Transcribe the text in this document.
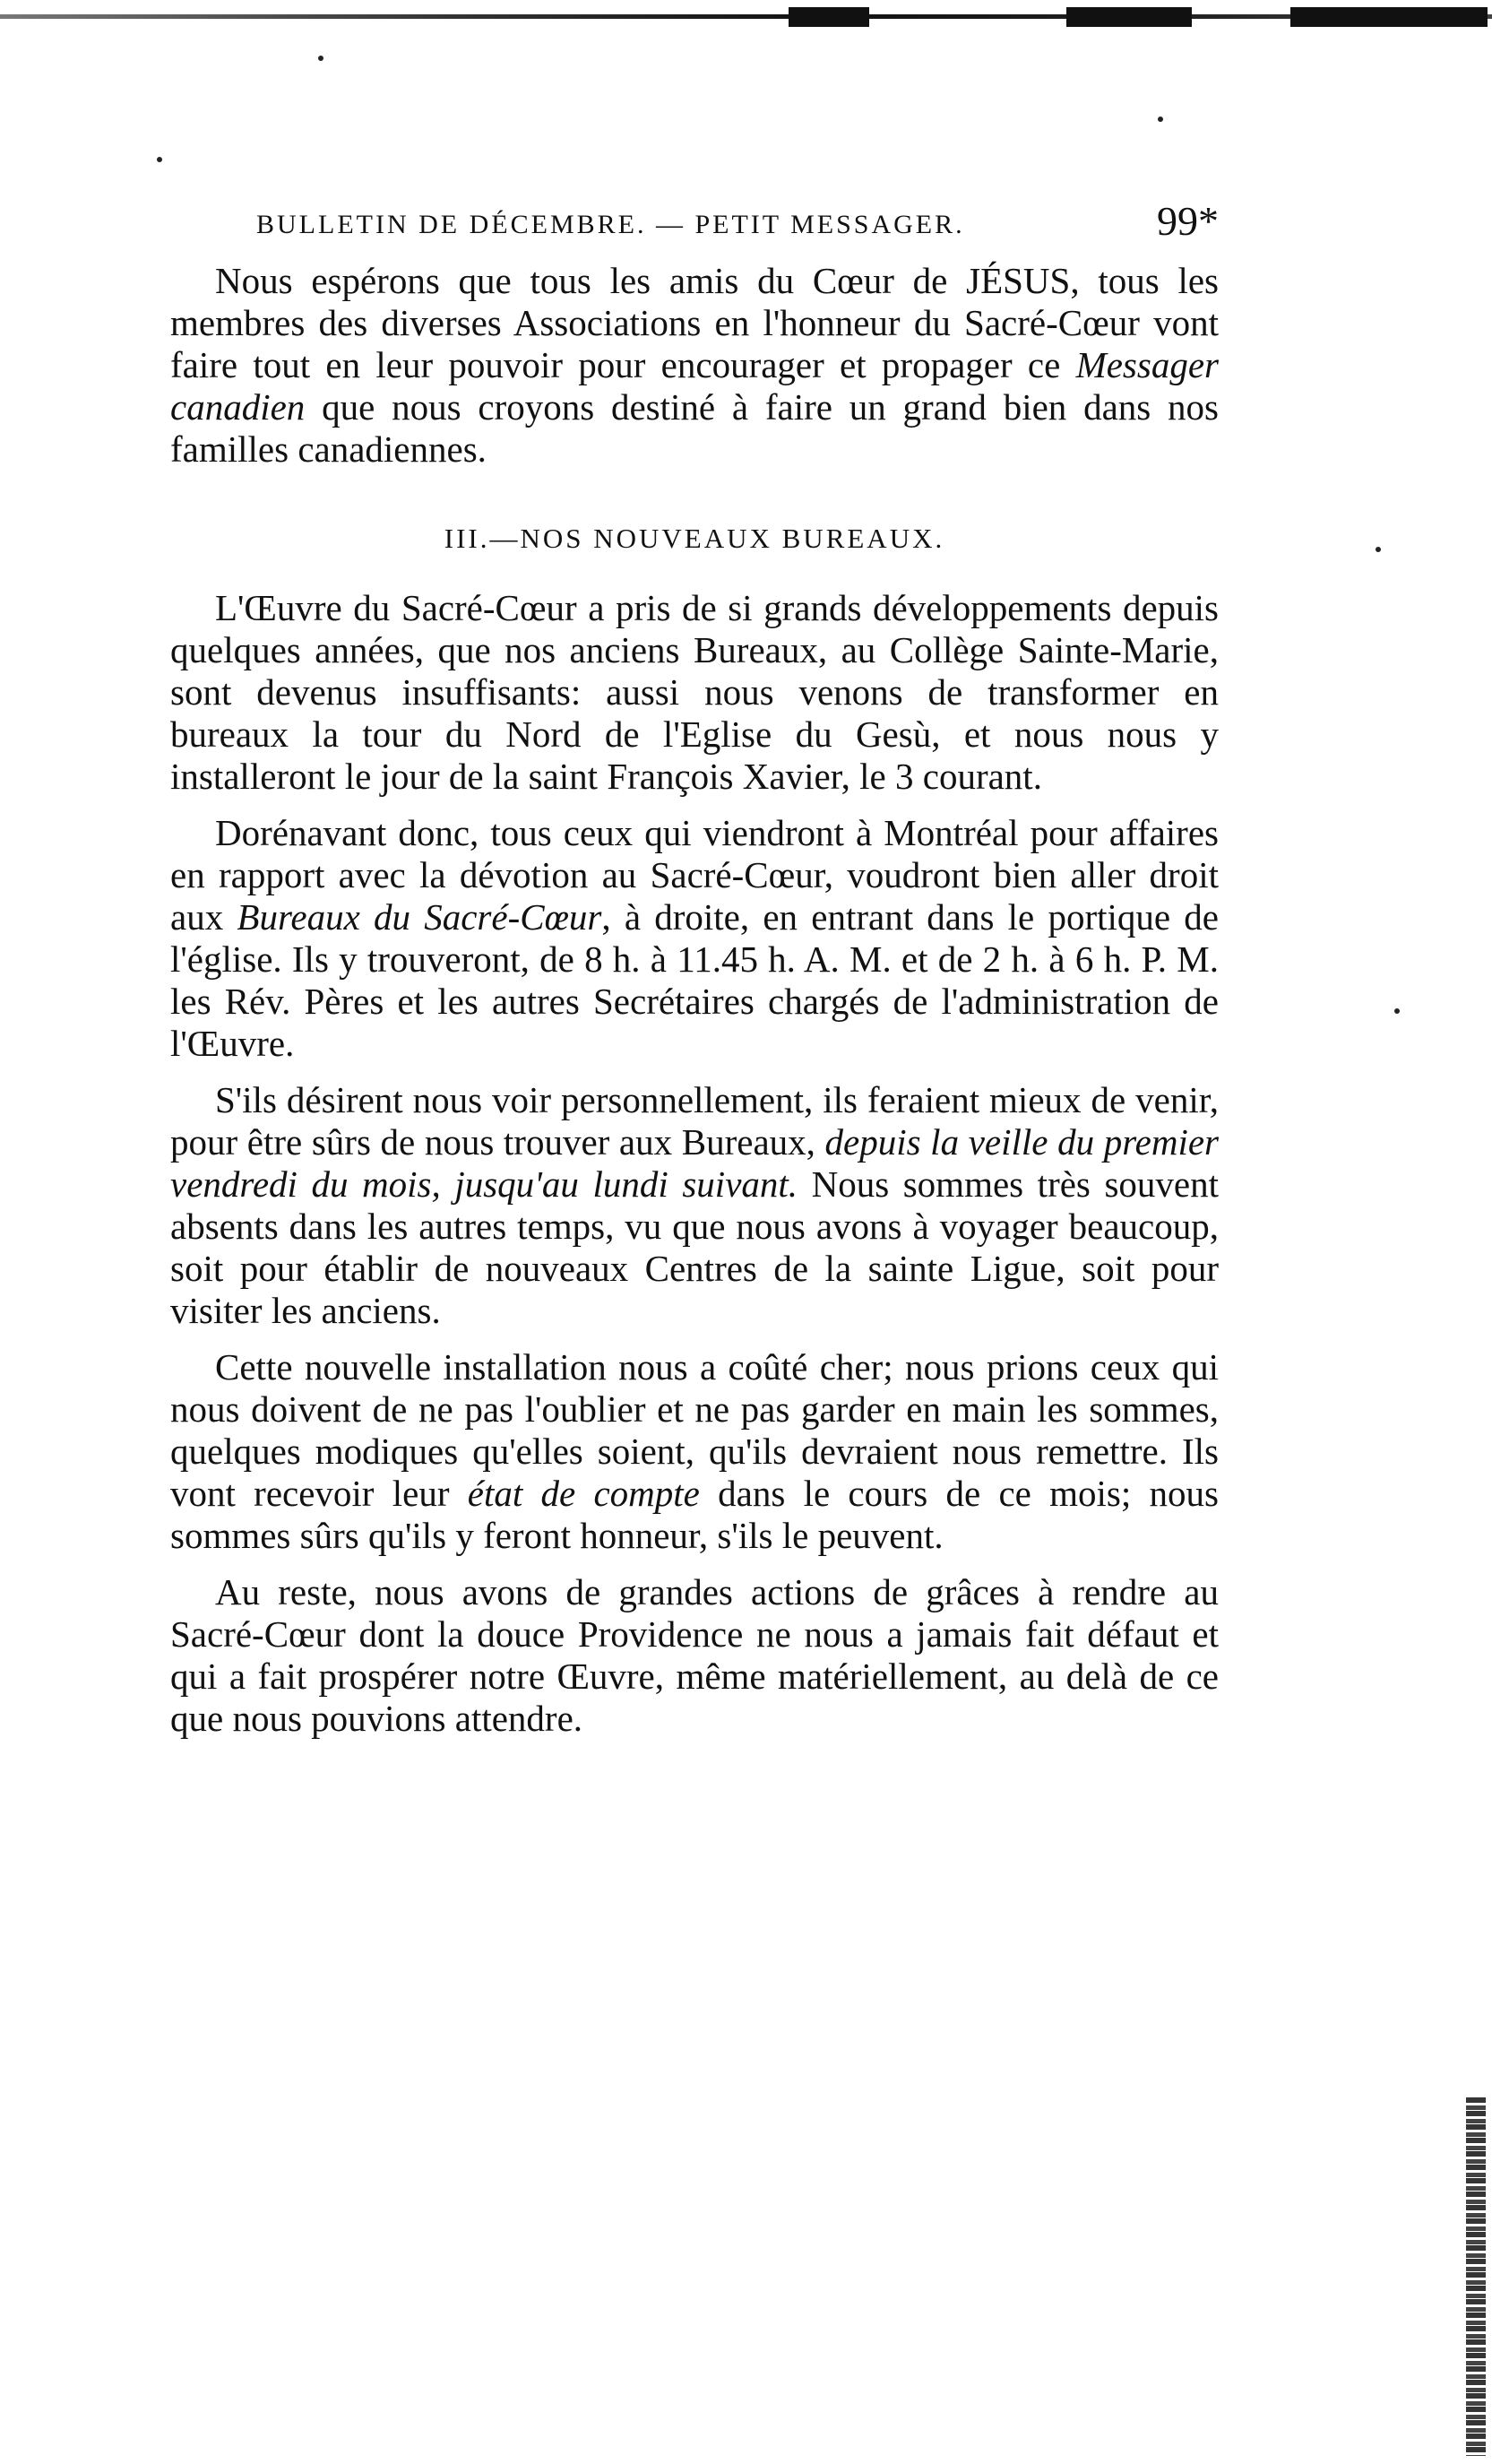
BULLETIN DE DÉCEMBRE. — PETIT MESSAGER.	99*

Nous espérons que tous les amis du Cœur de JÉSUS, tous les membres des diverses Associations en l'honneur du Sacré-Cœur vont faire tout en leur pouvoir pour encourager et propager ce Messager canadien que nous croyons destiné à faire un grand bien dans nos familles canadiennes.

III.—NOS NOUVEAUX BUREAUX.

L'Œuvre du Sacré-Cœur a pris de si grands développements depuis quelques années, que nos anciens Bureaux, au Collège Sainte-Marie, sont devenus insuffisants: aussi nous venons de transformer en bureaux la tour du Nord de l'Eglise du Gesù, et nous nous y installeront le jour de la saint François Xavier, le 3 courant.

Dorénavant donc, tous ceux qui viendront à Montréal pour affaires en rapport avec la dévotion au Sacré-Cœur, voudront bien aller droit aux Bureaux du Sacré-Cœur, à droite, en entrant dans le portique de l'église. Ils y trouveront, de 8 h. à 11.45 h. A. M. et de 2 h. à 6 h. P. M. les Rév. Pères et les autres Secrétaires chargés de l'administration de l'Œuvre.

S'ils désirent nous voir personnellement, ils feraient mieux de venir, pour être sûrs de nous trouver aux Bureaux, depuis la veille du premier vendredi du mois, jusqu'au lundi suivant. Nous sommes très souvent absents dans les autres temps, vu que nous avons à voyager beaucoup, soit pour établir de nouveaux Centres de la sainte Ligue, soit pour visiter les anciens.

Cette nouvelle installation nous a coûté cher; nous prions ceux qui nous doivent de ne pas l'oublier et ne pas garder en main les sommes, quelques modiques qu'elles soient, qu'ils devraient nous remettre. Ils vont recevoir leur état de compte dans le cours de ce mois; nous sommes sûrs qu'ils y feront honneur, s'ils le peuvent.

Au reste, nous avons de grandes actions de grâces à rendre au Sacré-Cœur dont la douce Providence ne nous a jamais fait défaut et qui a fait prospérer notre Œuvre, même matériellement, au delà de ce que nous pouvions attendre.
